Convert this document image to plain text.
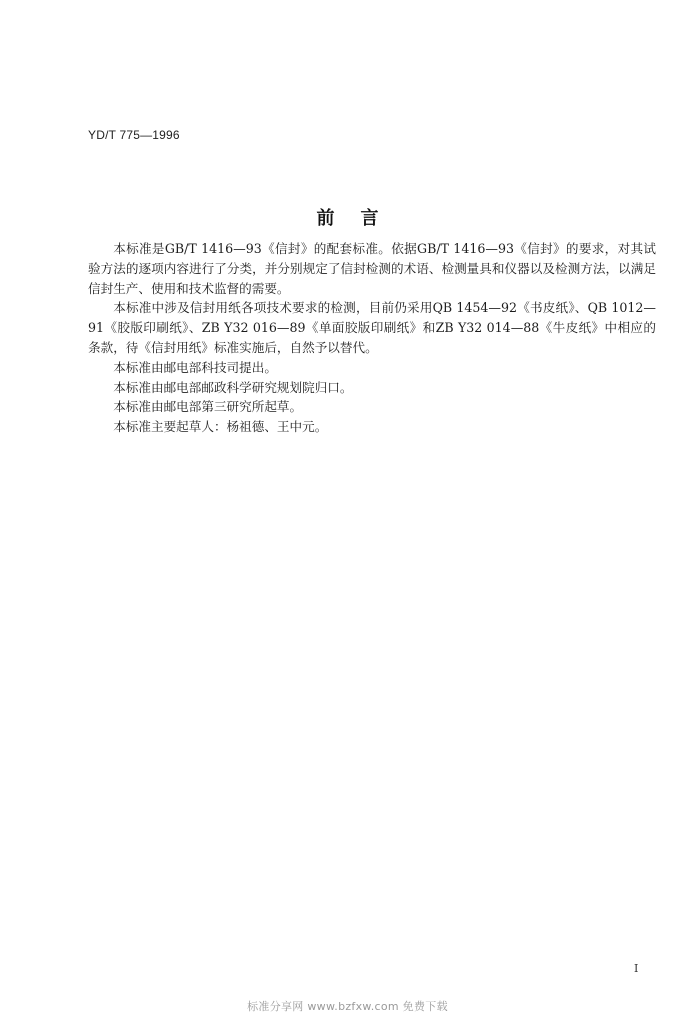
YD/T 775—1996
前言

本标准是GB/T 1416—93《信封》的配套标准。依据GB/T 1416—93《信封》的要求，对其试验方法的逐项内容进行了分类，并分别规定了信封检测的术语、检测量具和仪器以及检测方法，以满足信封生产、使用和技术监督的需要。

本标准中涉及信封用纸各项技术要求的检测，目前仍采用QB 1454—92《书皮纸》、QB 1012—91《胶版印刷纸》、ZB Y32 016—89《单面胶版印刷纸》和ZB Y32 014—88《牛皮纸》中相应的条款，待《信封用纸》标准实施后，自然予以替代。

本标准由邮电部科技司提出。

本标准由邮电部邮政科学研究规划院归口。

本标准由邮电部第三研究所起草。

本标准主要起草人：杨祖德、王中元。

I
标准分享网 www.bzfxw.com 免费下载
